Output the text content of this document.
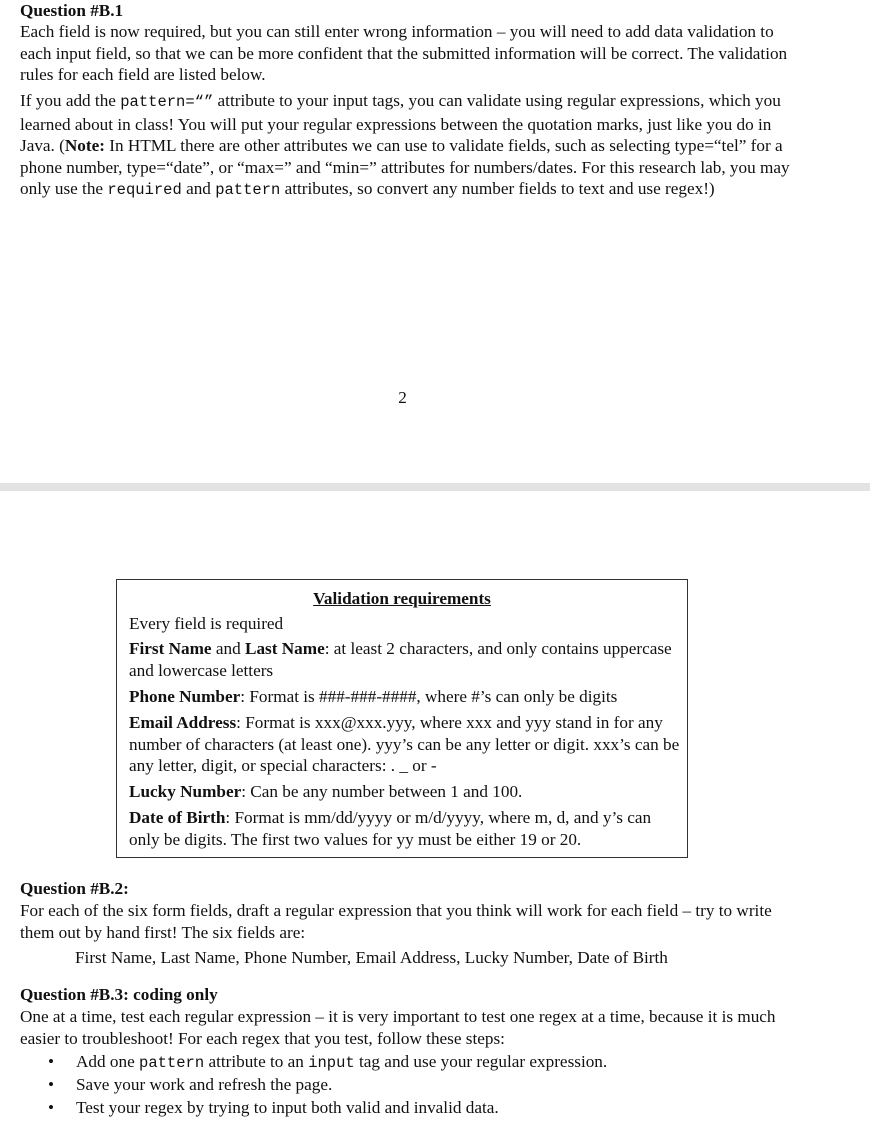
Question #B.1
Each field is now required, but you can still enter wrong information – you will need to add data validation to each input field, so that we can be more confident that the submitted information will be correct. The validation rules for each field are listed below.
If you add the pattern=“” attribute to your input tags, you can validate using regular expressions, which you learned about in class! You will put your regular expressions between the quotation marks, just like you do in Java. (Note: In HTML there are other attributes we can use to validate fields, such as selecting type=“tel” for a phone number, type=“date”, or “max=” and “min=” attributes for numbers/dates. For this research lab, you may only use the required and pattern attributes, so convert any number fields to text and use regex!)
2
Validation requirements
Every field is required
First Name and Last Name: at least 2 characters, and only contains uppercase and lowercase letters
Phone Number: Format is ###-###-####, where #’s can only be digits
Email Address: Format is xxx@xxx.yyy, where xxx and yyy stand in for any number of characters (at least one). yyy’s can be any letter or digit. xxx’s can be any letter, digit, or special characters: . _ or -
Lucky Number: Can be any number between 1 and 100.
Date of Birth: Format is mm/dd/yyyy or m/d/yyyy, where m, d, and y’s can only be digits. The first two values for yy must be either 19 or 20.
Question #B.2:
For each of the six form fields, draft a regular expression that you think will work for each field – try to write them out by hand first! The six fields are:
First Name, Last Name, Phone Number, Email Address, Lucky Number, Date of Birth
Question #B.3: coding only
One at a time, test each regular expression – it is very important to test one regex at a time, because it is much easier to troubleshoot! For each regex that you test, follow these steps:
• Add one pattern attribute to an input tag and use your regular expression.
• Save your work and refresh the page.
• Test your regex by trying to input both valid and invalid data.
